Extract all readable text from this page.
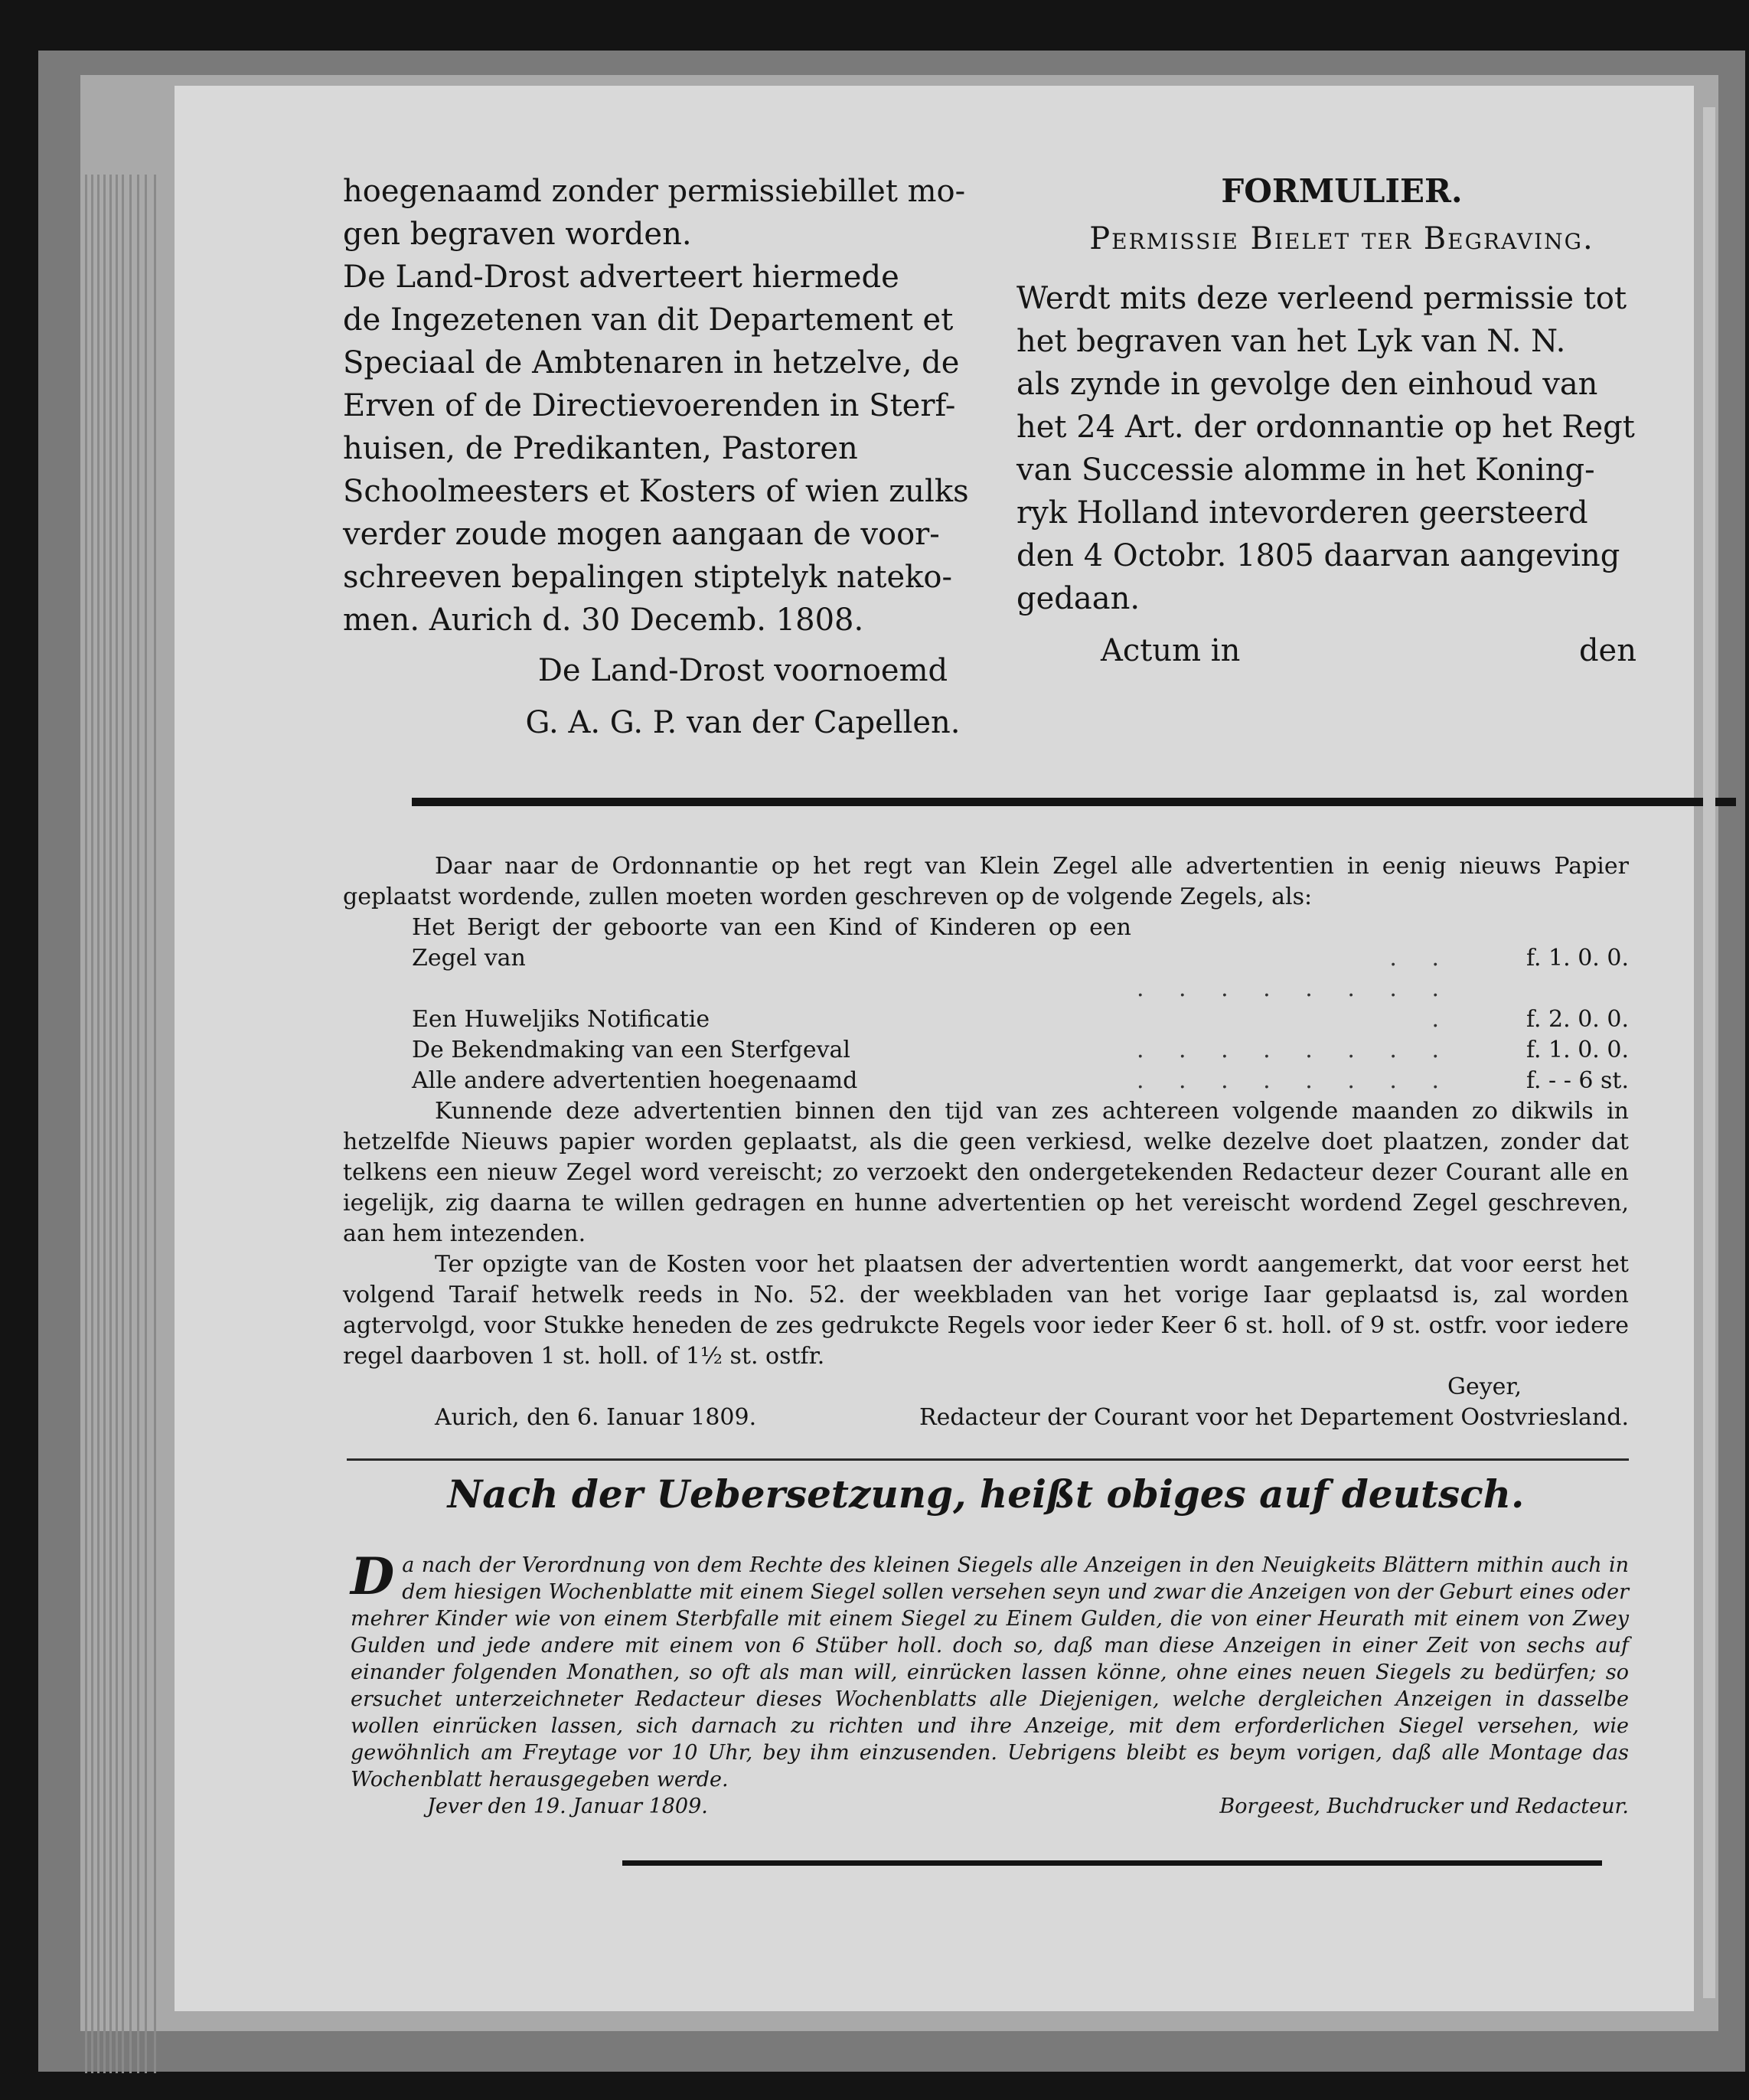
hoegenaamd zonder permissiebillet mo-

gen begraven worden.

De Land-Drost adverteert hiermede

de Ingezetenen van dit Departement et

Speciaal de Ambtenaren in hetzelve, de

Erven of de Directievoerenden in Sterf-

huisen, de Predikanten, Pastoren

Schoolmeesters et Kosters of wien zulks

verder zoude mogen aangaan de voor-

schreeven bepalingen stiptelyk nateko-

men. Aurich d. 30 Decemb. 1808.

De Land-Drost voornoemd

G. A. G. P. van der Capellen.

FORMULIER.

Permissie Bielet ter Begraving.

Werdt mits deze verleend permissie tot

het begraven van het Lyk van N. N.

als zynde in gevolge den einhoud van

het 24 Art. der ordonnantie op het Regt

van Successie alomme in het Koning-

ryk Holland intevorderen geersteerd

den 4 Octobr. 1805 daarvan aangeving

gedaan.

Actum in	den

Daar naar de Ordonnantie op het regt van Klein Zegel alle advertentien in eenig nieuws Papier geplaatst wordende, zullen moeten worden geschreven op de volgende Zegels, als:

Het Berigt der geboorte van een Kind of Kinderen op een Zegel van	. .	f. 1. 0. 0.
Een Huweljiks Notificatie	. . . . . . . . .	f. 2. 0. 0.
De Bekendmaking van een Sterfgeval	. . . . . . . .	f. 1. 0. 0.
Alle andere advertentien hoegenaamd	. . . . . . . .	f. - - 6 st.

Kunnende deze advertentien binnen den tijd van zes achtereen volgende maanden zo dikwils in hetzelfde Nieuws papier worden geplaatst, als die geen verkiesd, welke dezelve doet plaatzen, zonder dat telkens een nieuw Zegel word vereischt; zo verzoekt den ondergetekenden Redacteur dezer Courant alle en iegelijk, zig daarna te willen gedragen en hunne advertentien op het vereischt wordend Zegel geschreven, aan hem intezenden.

Ter opzigte van de Kosten voor het plaatsen der advertentien wordt aangemerkt, dat voor eerst het volgend Taraif hetwelk reeds in No. 52. der weekbladen van het vorige Iaar geplaatsd is, zal worden agtervolgd, voor Stukke heneden de zes gedrukcte Regels voor ieder Keer 6 st. holl. of 9 st. ostfr. voor iedere regel daarboven 1 st. holl. of 1½ st. ostfr.

Geyer,

Aurich, den 6. Ianuar 1809.	Redacteur der Courant voor het Departement Oostvriesland.
Nach der Uebersetzung, heißt obiges auf deutsch.
D a nach der Verordnung von dem Rechte des kleinen Siegels alle Anzeigen in den Neuigkeits Blättern mithin auch in dem hiesigen Wochenblatte mit einem Siegel sollen versehen seyn und zwar die Anzeigen von der Geburt eines oder mehrer Kinder wie von einem Sterbfalle mit einem Siegel zu Einem Gulden, die von einer Heurath mit einem von Zwey Gulden und jede andere mit einem von 6 Stüber holl. doch so, daß man diese Anzeigen in einer Zeit von sechs auf einander folgenden Monathen, so oft als man will, einrücken lassen könne, ohne eines neuen Siegels zu bedürfen; so ersuchet unterzeichneter Redacteur dieses Wochenblatts alle Diejenigen, welche dergleichen Anzeigen in dasselbe wollen einrücken lassen, sich darnach zu richten und ihre Anzeige, mit dem erforderlichen Siegel versehen, wie gewöhnlich am Freytage vor 10 Uhr, bey ihm einzusenden. Uebrigens bleibt es beym vorigen, daß alle Montage das Wochenblatt herausgegeben werde.

Jever den 19. Januar 1809.	Borgeest, Buchdrucker und Redacteur.
